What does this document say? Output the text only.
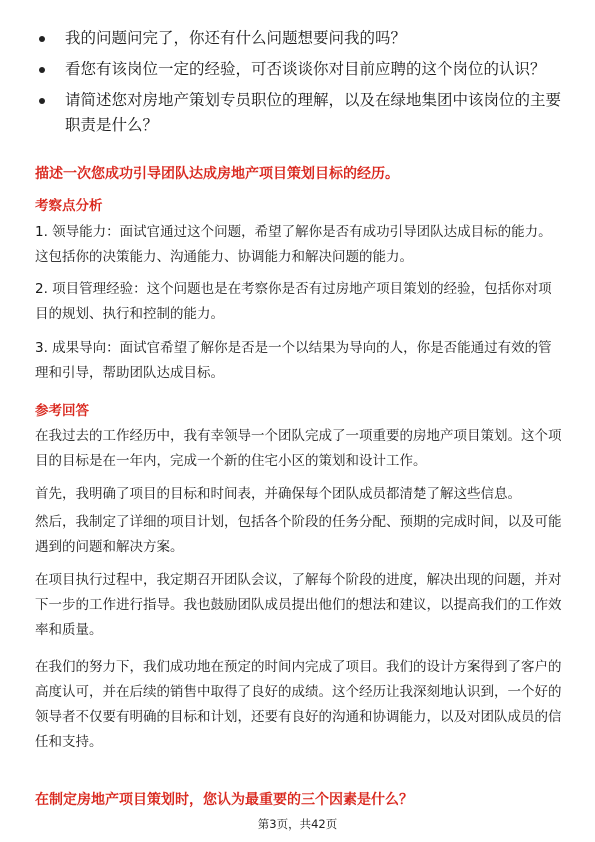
我的问题问完了，你还有什么问题想要问我的吗？
看您有该岗位一定的经验，可否谈谈你对目前应聘的这个岗位的认识？
请简述您对房地产策划专员职位的理解，以及在绿地集团中该岗位的主要职责是什么？
描述一次您成功引导团队达成房地产项目策划目标的经历。
考察点分析
1. 领导能力：面试官通过这个问题，希望了解你是否有成功引导团队达成目标的能力。这包括你的决策能力、沟通能力、协调能力和解决问题的能力。
2. 项目管理经验：这个问题也是在考察你是否有过房地产项目策划的经验，包括你对项目的规划、执行和控制的能力。
3. 成果导向：面试官希望了解你是否是一个以结果为导向的人，你是否能通过有效的管理和引导，帮助团队达成目标。
参考回答
在我过去的工作经历中，我有幸领导一个团队完成了一项重要的房地产项目策划。这个项目的目标是在一年内，完成一个新的住宅小区的策划和设计工作。
首先，我明确了项目的目标和时间表，并确保每个团队成员都清楚了解这些信息。
然后，我制定了详细的项目计划，包括各个阶段的任务分配、预期的完成时间，以及可能遇到的问题和解决方案。
在项目执行过程中，我定期召开团队会议，了解每个阶段的进度，解决出现的问题，并对下一步的工作进行指导。我也鼓励团队成员提出他们的想法和建议，以提高我们的工作效率和质量。
在我们的努力下，我们成功地在预定的时间内完成了项目。我们的设计方案得到了客户的高度认可，并在后续的销售中取得了良好的成绩。这个经历让我深刻地认识到，一个好的领导者不仅要有明确的目标和计划，还要有良好的沟通和协调能力，以及对团队成员的信任和支持。
在制定房地产项目策划时，您认为最重要的三个因素是什么？
第3页，共42页
